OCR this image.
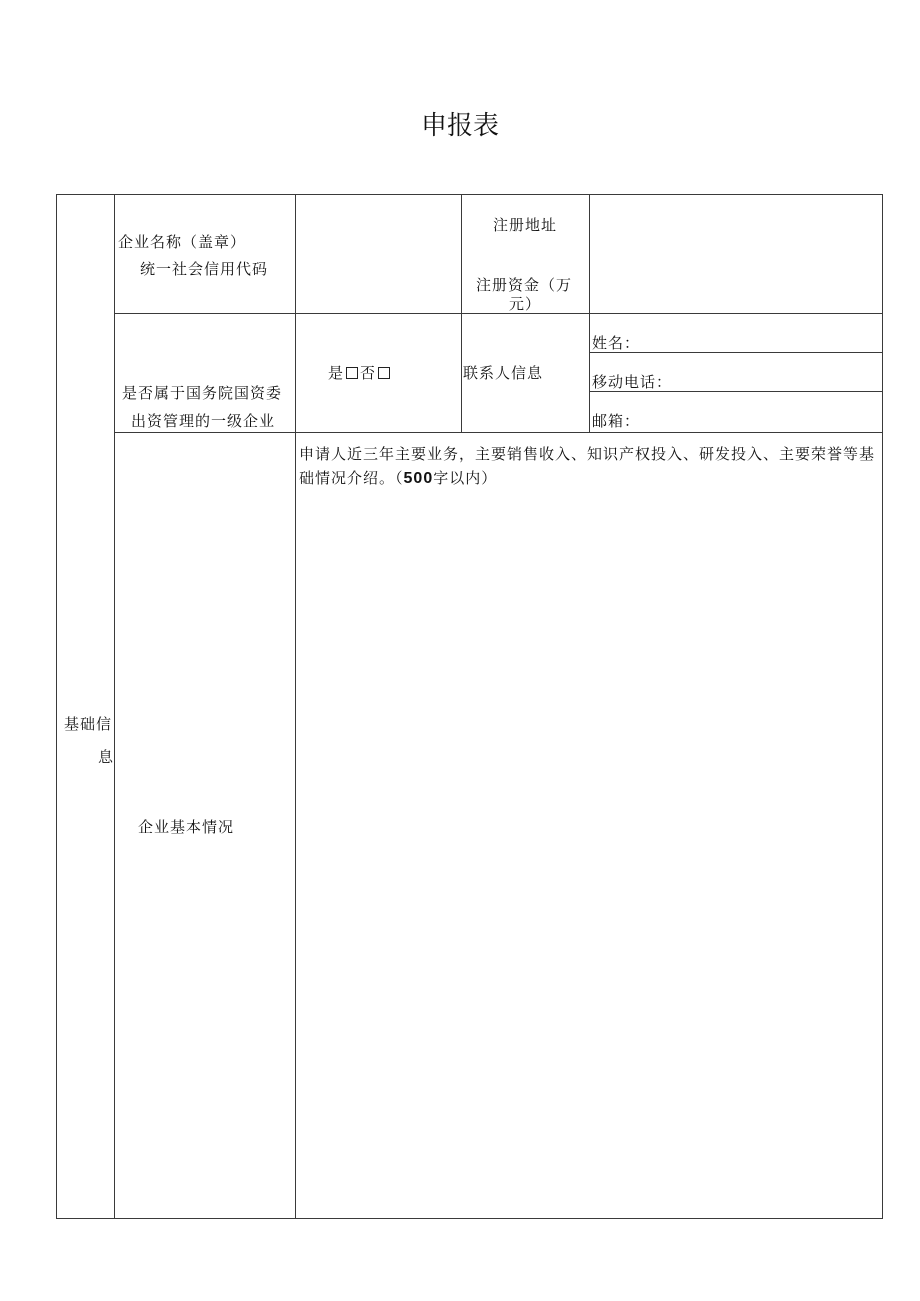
申报表
基础信
息
企业名称（盖章）
统一社会信用代码
注册地址
注册资金（万
元）
是否属于国务院国资委
出资管理的一级企业
是 否	联系人信息
姓名：
移动电话：
邮箱：
企业基本情况
申请人近三年主要业务，主要销售收入、知识产权投入、研发投入、主要荣誉等基础情况介绍。（500字以内）
